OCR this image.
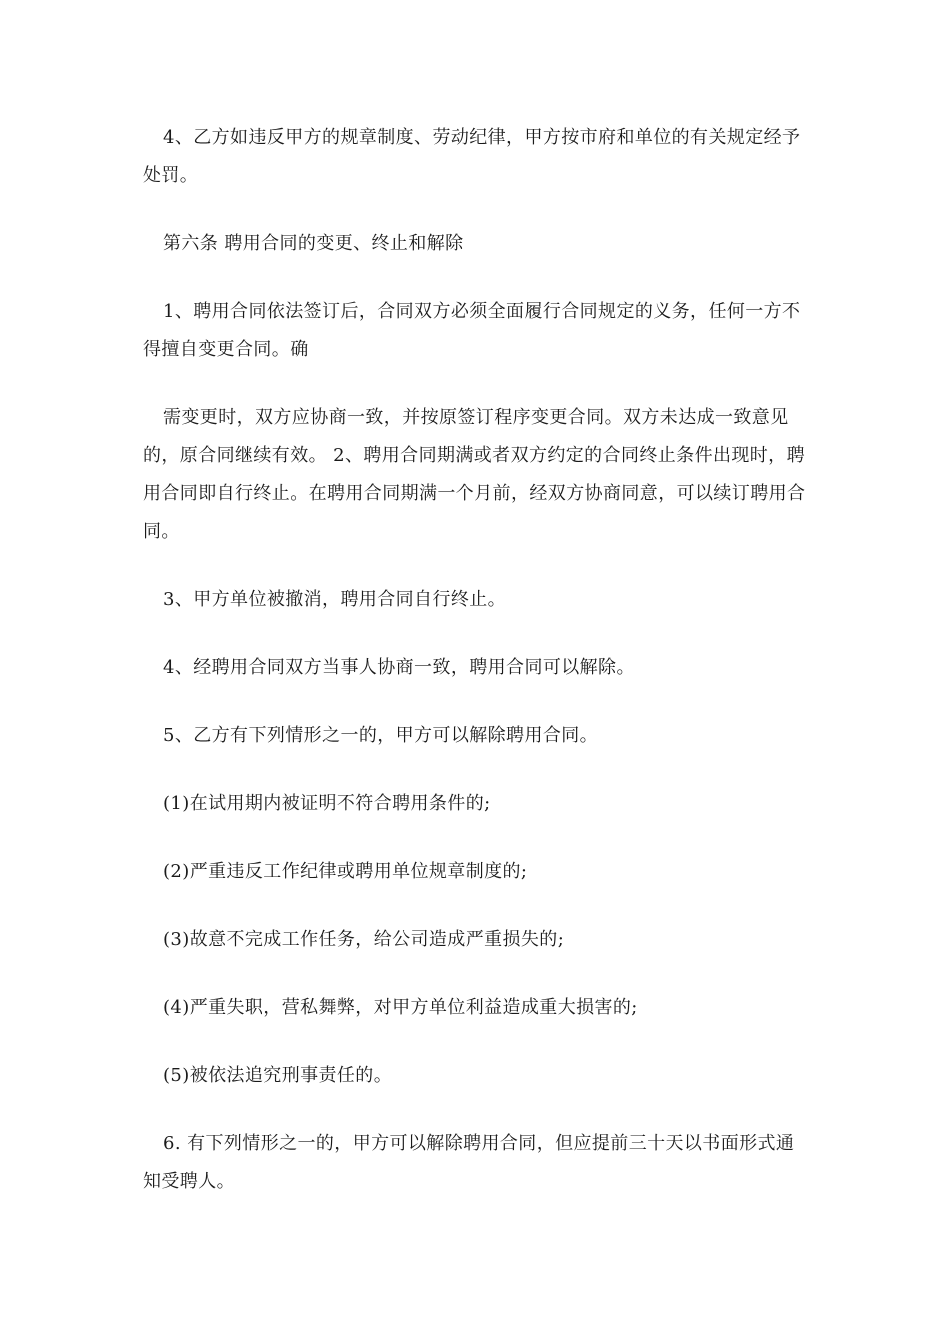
4、乙方如违反甲方的规章制度、劳动纪律，甲方按市府和单位的有关规定经予处罚。

第六条 聘用合同的变更、终止和解除

1、聘用合同依法签订后，合同双方必须全面履行合同规定的义务，任何一方不得擅自变更合同。确

需变更时，双方应协商一致，并按原签订程序变更合同。双方未达成一致意见的，原合同继续有效。 2、聘用合同期满或者双方约定的合同终止条件出现时，聘用合同即自行终止。在聘用合同期满一个月前，经双方协商同意，可以续订聘用合同。

3、甲方单位被撤消，聘用合同自行终止。

4、经聘用合同双方当事人协商一致，聘用合同可以解除。

5、乙方有下列情形之一的，甲方可以解除聘用合同。

(1)在试用期内被证明不符合聘用条件的;

(2)严重违反工作纪律或聘用单位规章制度的;

(3)故意不完成工作任务，给公司造成严重损失的;

(4)严重失职，营私舞弊，对甲方单位利益造成重大损害的;

(5)被依法追究刑事责任的。

6. 有下列情形之一的，甲方可以解除聘用合同，但应提前三十天以书面形式通知受聘人。
